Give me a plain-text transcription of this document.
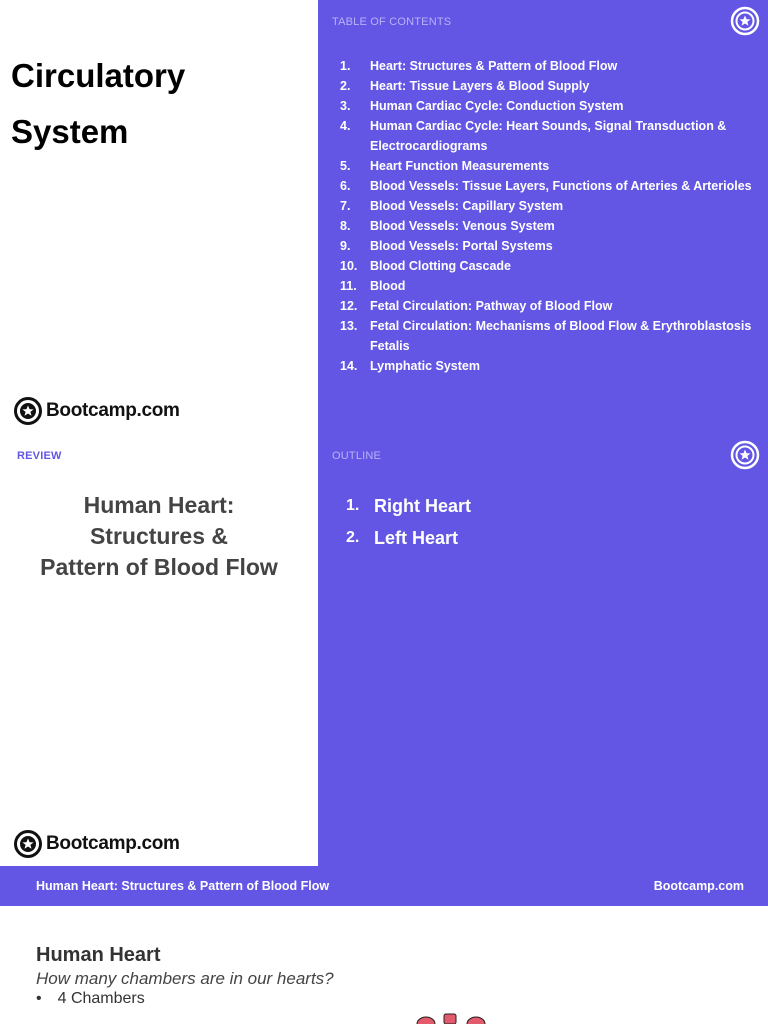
Circulatory
System
Bootcamp.com
TABLE OF CONTENTS
1.	Heart: Structures & Pattern of Blood Flow
2.	Heart: Tissue Layers & Blood Supply
3.	Human Cardiac Cycle: Conduction System
4.	Human Cardiac Cycle: Heart Sounds, Signal Transduction & Electrocardiograms
5.	Heart Function Measurements
6.	Blood Vessels: Tissue Layers, Functions of Arteries & Arterioles
7.	Blood Vessels: Capillary System
8.	Blood Vessels: Venous System
9.	Blood Vessels: Portal Systems
10.	Blood Clotting Cascade
11.	Blood
12.	Fetal Circulation: Pathway of Blood Flow
13.	Fetal Circulation: Mechanisms of Blood Flow & Erythroblastosis Fetalis
14.	Lymphatic System
REVIEW
Human Heart:
Structures &
Pattern of Blood Flow
Bootcamp.com
OUTLINE
1. Right Heart
2. Left Heart
Human Heart: Structures & Pattern of Blood Flow	Bootcamp.com
Human Heart
How many chambers are in our hearts?
• 4 Chambers
